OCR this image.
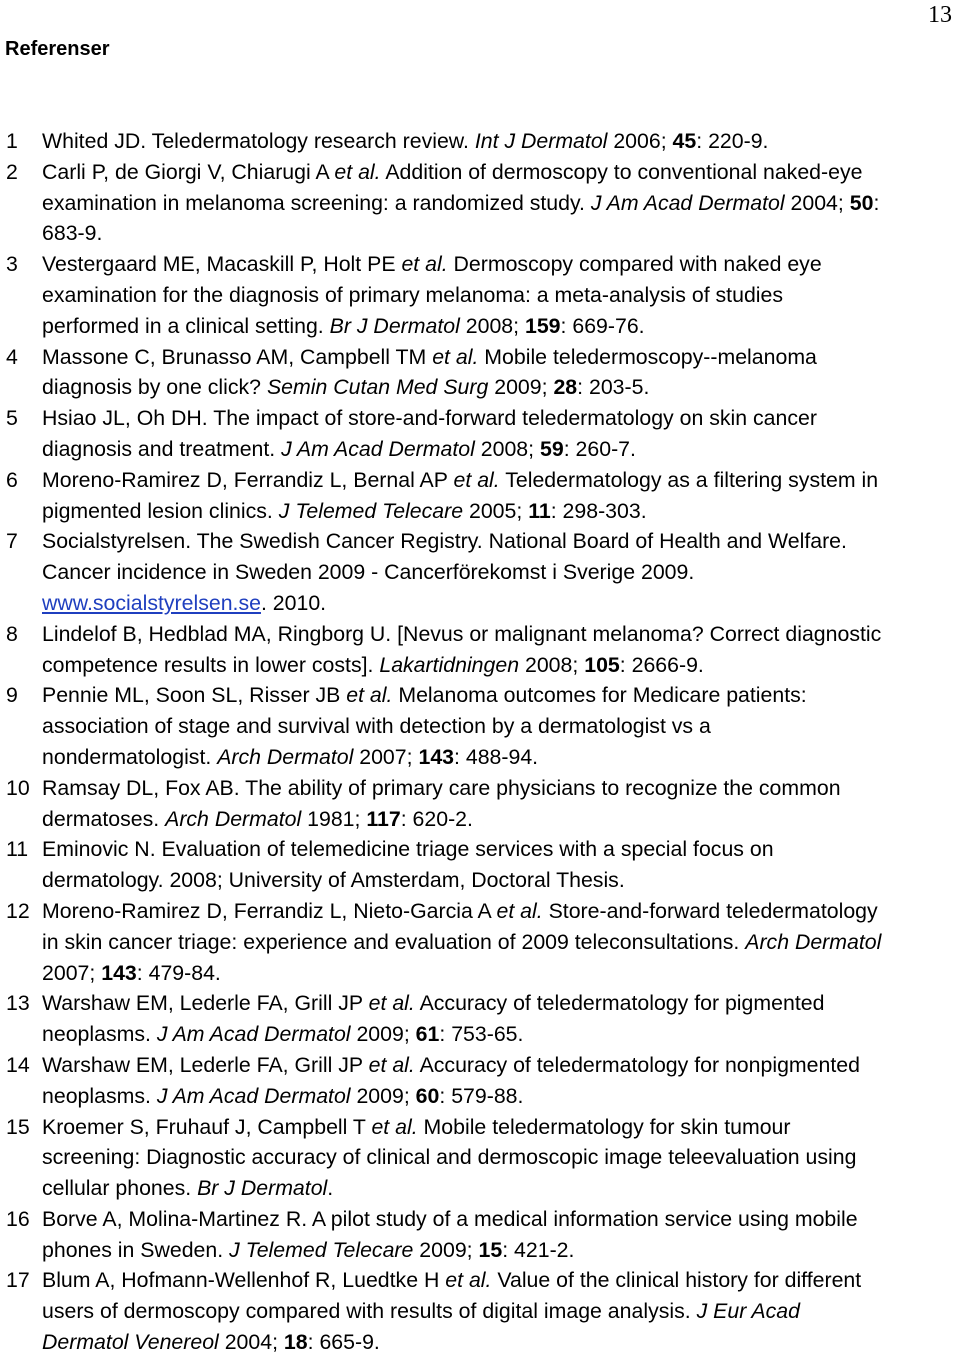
13
Referenser
1 Whited JD. Teledermatology research review. Int J Dermatol 2006; 45: 220-9.
2 Carli P, de Giorgi V, Chiarugi A et al. Addition of dermoscopy to conventional naked-eye
examination in melanoma screening: a randomized study. J Am Acad Dermatol 2004; 50:
683-9.
3 Vestergaard ME, Macaskill P, Holt PE et al. Dermoscopy compared with naked eye
examination for the diagnosis of primary melanoma: a meta-analysis of studies
performed in a clinical setting. Br J Dermatol 2008; 159: 669-76.
4 Massone C, Brunasso AM, Campbell TM et al. Mobile teledermoscopy--melanoma
diagnosis by one click? Semin Cutan Med Surg 2009; 28: 203-5.
5 Hsiao JL, Oh DH. The impact of store-and-forward teledermatology on skin cancer
diagnosis and treatment. J Am Acad Dermatol 2008; 59: 260-7.
6 Moreno-Ramirez D, Ferrandiz L, Bernal AP et al. Teledermatology as a filtering system in
pigmented lesion clinics. J Telemed Telecare 2005; 11: 298-303.
7 Socialstyrelsen. The Swedish Cancer Registry. National Board of Health and Welfare.
Cancer incidence in Sweden 2009 - Cancerförekomst i Sverige 2009.
www.socialstyrelsen.se. 2010.
8 Lindelof B, Hedblad MA, Ringborg U. [Nevus or malignant melanoma? Correct diagnostic
competence results in lower costs]. Lakartidningen 2008; 105: 2666-9.
9 Pennie ML, Soon SL, Risser JB et al. Melanoma outcomes for Medicare patients:
association of stage and survival with detection by a dermatologist vs a
nondermatologist. Arch Dermatol 2007; 143: 488-94.
10 Ramsay DL, Fox AB. The ability of primary care physicians to recognize the common
dermatoses. Arch Dermatol 1981; 117: 620-2.
11 Eminovic N. Evaluation of telemedicine triage services with a special focus on
dermatology. 2008; University of Amsterdam, Doctoral Thesis.
12 Moreno-Ramirez D, Ferrandiz L, Nieto-Garcia A et al. Store-and-forward teledermatology
in skin cancer triage: experience and evaluation of 2009 teleconsultations. Arch Dermatol
2007; 143: 479-84.
13 Warshaw EM, Lederle FA, Grill JP et al. Accuracy of teledermatology for pigmented
neoplasms. J Am Acad Dermatol 2009; 61: 753-65.
14 Warshaw EM, Lederle FA, Grill JP et al. Accuracy of teledermatology for nonpigmented
neoplasms. J Am Acad Dermatol 2009; 60: 579-88.
15 Kroemer S, Fruhauf J, Campbell T et al. Mobile teledermatology for skin tumour
screening: Diagnostic accuracy of clinical and dermoscopic image teleevaluation using
cellular phones. Br J Dermatol.
16 Borve A, Molina-Martinez R. A pilot study of a medical information service using mobile
phones in Sweden. J Telemed Telecare 2009; 15: 421-2.
17 Blum A, Hofmann-Wellenhof R, Luedtke H et al. Value of the clinical history for different
users of dermoscopy compared with results of digital image analysis. J Eur Acad
Dermatol Venereol 2004; 18: 665-9.
